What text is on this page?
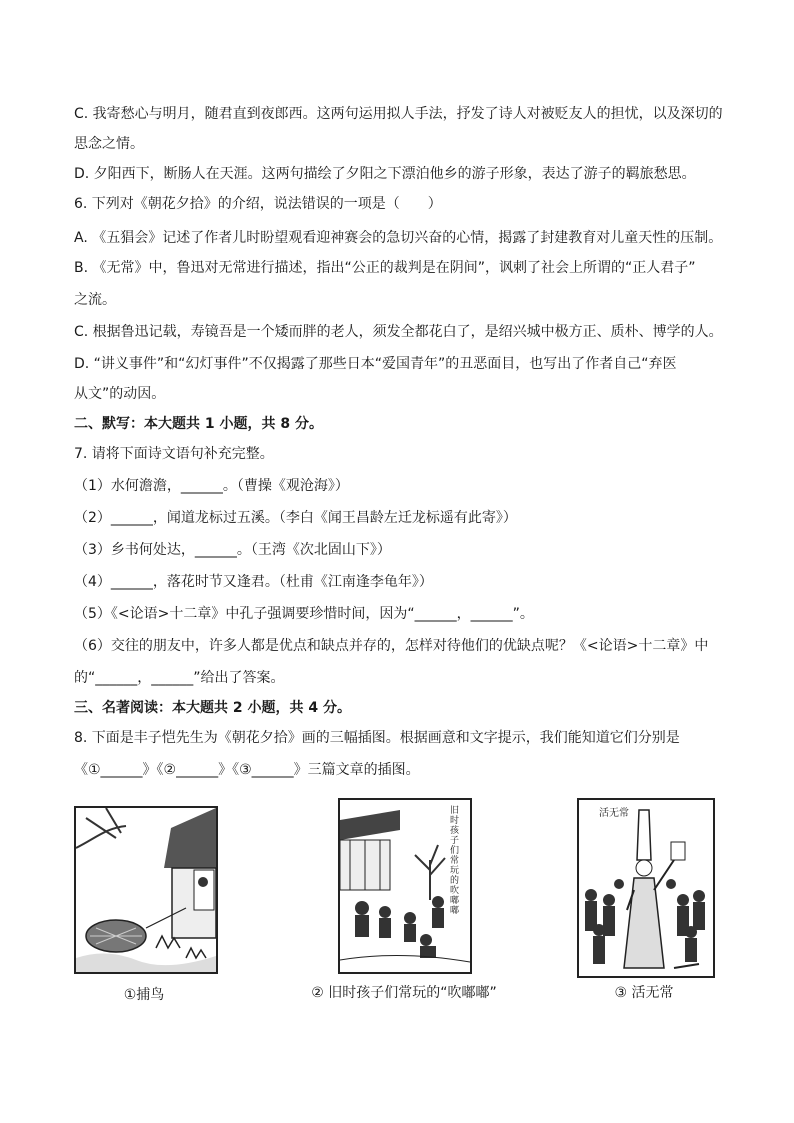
C. 我寄愁心与明月，随君直到夜郎西。这两句运用拟人手法，抒发了诗人对被贬友人的担忧，以及深切的
思念之情。
D. 夕阳西下，断肠人在天涯。这两句描绘了夕阳之下漂泊他乡的游子形象，表达了游子的羁旅愁思。
6. 下列对《朝花夕拾》的介绍，说法错误的一项是（　　）
A. 《五猖会》记述了作者儿时盼望观看迎神赛会的急切兴奋的心情，揭露了封建教育对儿童天性的压制。
B. 《无常》中，鲁迅对无常进行描述，指出“公正的裁判是在阴间”，讽刺了社会上所谓的“正人君子”
之流。
C. 根据鲁迅记载，寿镜吾是一个矮而胖的老人，须发全都花白了，是绍兴城中极方正、质朴、博学的人。
D. “讲义事件”和“幻灯事件”不仅揭露了那些日本“爱国青年”的丑恶面目，也写出了作者自己“弃医
从文”的动因。
二、默写：本大题共 1 小题，共 8 分。
7. 请将下面诗文语句补充完整。
（1）水何澹澹，______。（曹操《观沧海》）
（2）______，闻道龙标过五溪。（李白《闻王昌龄左迁龙标遥有此寄》）
（3）乡书何处达，______。（王湾《次北固山下》）
（4）______，落花时节又逢君。（杜甫《江南逢李龟年》）
（5）《<论语>十二章》中孔子强调要珍惜时间，因为“______，______”。
（6）交往的朋友中，许多人都是优点和缺点并存的，怎样对待他们的优缺点呢？《<论语>十二章》中
的“______，______”给出了答案。
三、名著阅读：本大题共 2 小题，共 4 分。
8. 下面是丰子恺先生为《朝花夕拾》画的三幅插图。根据画意和文字提示，我们能知道它们分别是
《①______》《②______》《③______》三篇文章的插图。
①捕鸟
旧时孩子们常玩的吹嘟嘟
② 旧时孩子们常玩的“吹嘟嘟”
活无常
③ 活无常
